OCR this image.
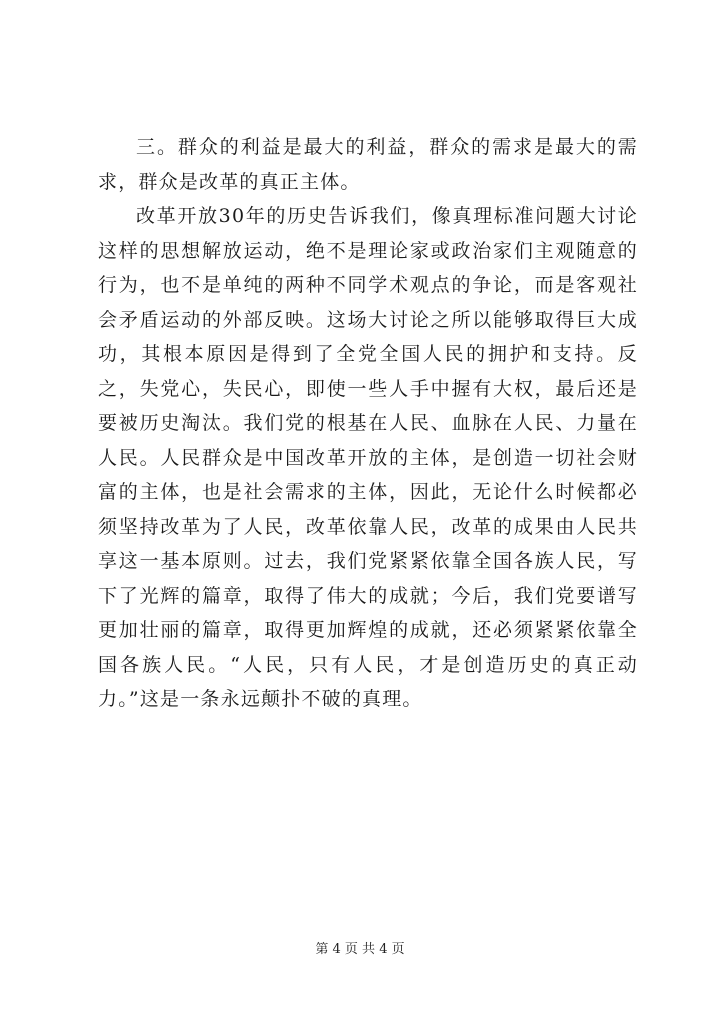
三。群众的利益是最大的利益，群众的需求是最大的需求，群众是改革的真正主体。

改革开放30年的历史告诉我们，像真理标准问题大讨论这样的思想解放运动，绝不是理论家或政治家们主观随意的行为，也不是单纯的两种不同学术观点的争论，而是客观社会矛盾运动的外部反映。这场大讨论之所以能够取得巨大成功，其根本原因是得到了全党全国人民的拥护和支持。反之，失党心，失民心，即使一些人手中握有大权，最后还是要被历史淘汰。我们党的根基在人民、血脉在人民、力量在人民。人民群众是中国改革开放的主体，是创造一切社会财富的主体，也是社会需求的主体，因此，无论什么时候都必须坚持改革为了人民，改革依靠人民，改革的成果由人民共享这一基本原则。过去，我们党紧紧依靠全国各族人民，写下了光辉的篇章，取得了伟大的成就；今后，我们党要谱写更加壮丽的篇章，取得更加辉煌的成就，还必须紧紧依靠全国各族人民。“人民，只有人民，才是创造历史的真正动力。”这是一条永远颠扑不破的真理。

第 4 页 共 4 页
